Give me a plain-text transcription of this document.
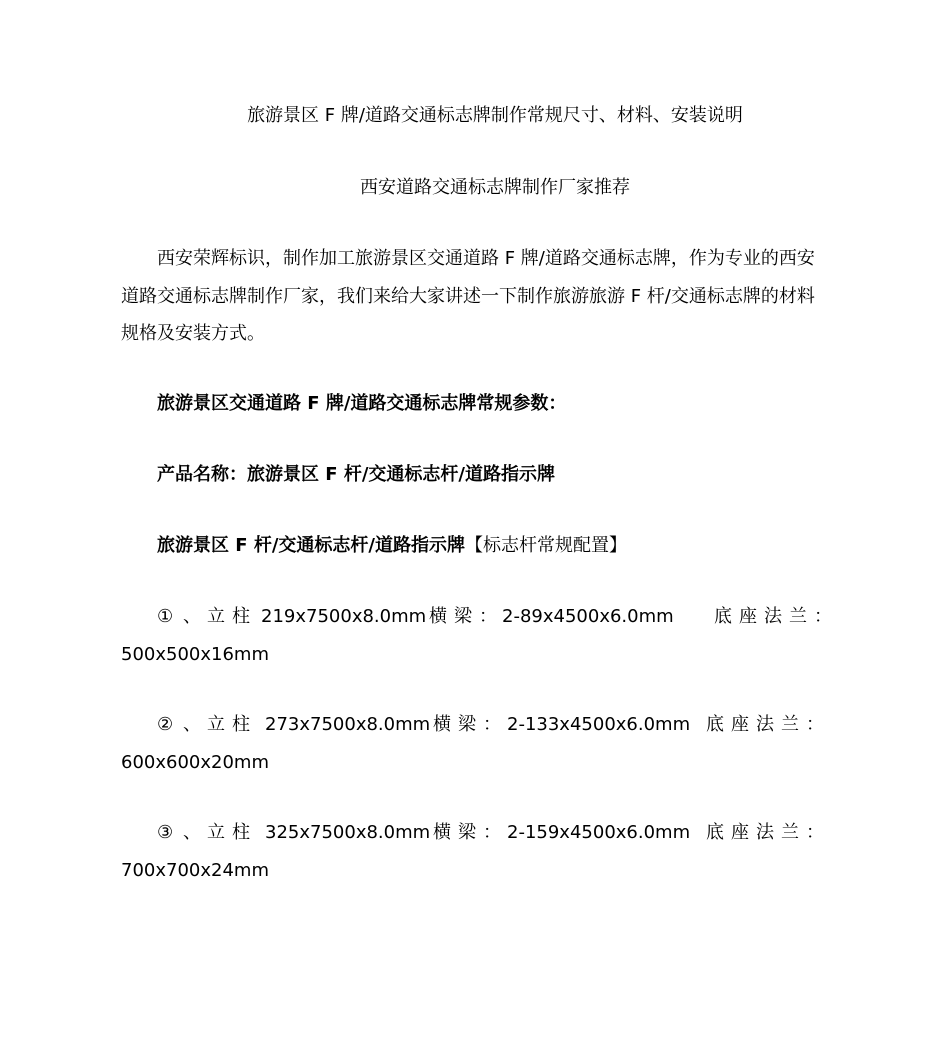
旅游景区 F 牌/道路交通标志牌制作常规尺寸、材料、安装说明
西安道路交通标志牌制作厂家推荐
西安荣辉标识，制作加工旅游景区交通道路 F 牌/道路交通标志牌，作为专业的西安
道路交通标志牌制作厂家，我们来给大家讲述一下制作旅游旅游 F 杆/交通标志牌的材料
规格及安装方式。
旅游景区交通道路 F 牌/道路交通标志牌常规参数：
产品名称：旅游景区 F 杆/交通标志杆/道路指示牌
旅游景区 F 杆/交通标志杆/道路指示牌【标志杆常规配置】
① 、 立柱 219x7500x8.0mm 横梁：
2-89x4500x6.0mm 底座法兰：
500x500x16mm
② 、 立柱 273x7500x8.0mm 横梁： 2-133x4500x6.0mm 底座法兰：
600x600x20mm
③ 、 立柱 325x7500x8.0mm 横梁： 2-159x4500x6.0mm 底座法兰：
700x700x24mm
